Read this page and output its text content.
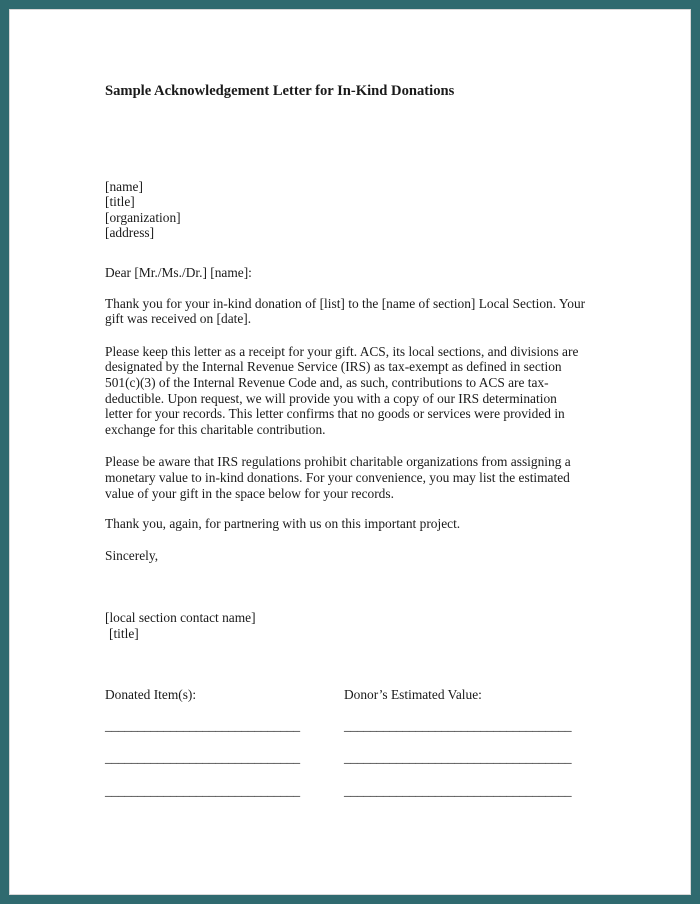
Sample Acknowledgement Letter for In-Kind Donations

[name]
[title]
[organization]
[address]

Dear [Mr./Ms./Dr.] [name]:

Thank you for your in-kind donation of [list] to the [name of section] Local Section. Your
gift was received on [date].
Please keep this letter as a receipt for your gift. ACS, its local sections, and divisions are
designated by the Internal Revenue Service (IRS) as tax-exempt as defined in section
501(c)(3) of the Internal Revenue Code and, as such, contributions to ACS are tax-
deductible. Upon request, we will provide you with a copy of our IRS determination
letter for your records. This letter confirms that no goods or services were provided in
exchange for this charitable contribution.
Please be aware that IRS regulations prohibit charitable organizations from assigning a
monetary value to in-kind donations. For your convenience, you may list the estimated
value of your gift in the space below for your records.

Thank you, again, for partnering with us on this important project.

Sincerely,

[local section contact name]
[title]
Donated Item(s):
______________________________
______________________________
______________________________
Donor’s Estimated Value:
___________________________________
___________________________________
___________________________________
